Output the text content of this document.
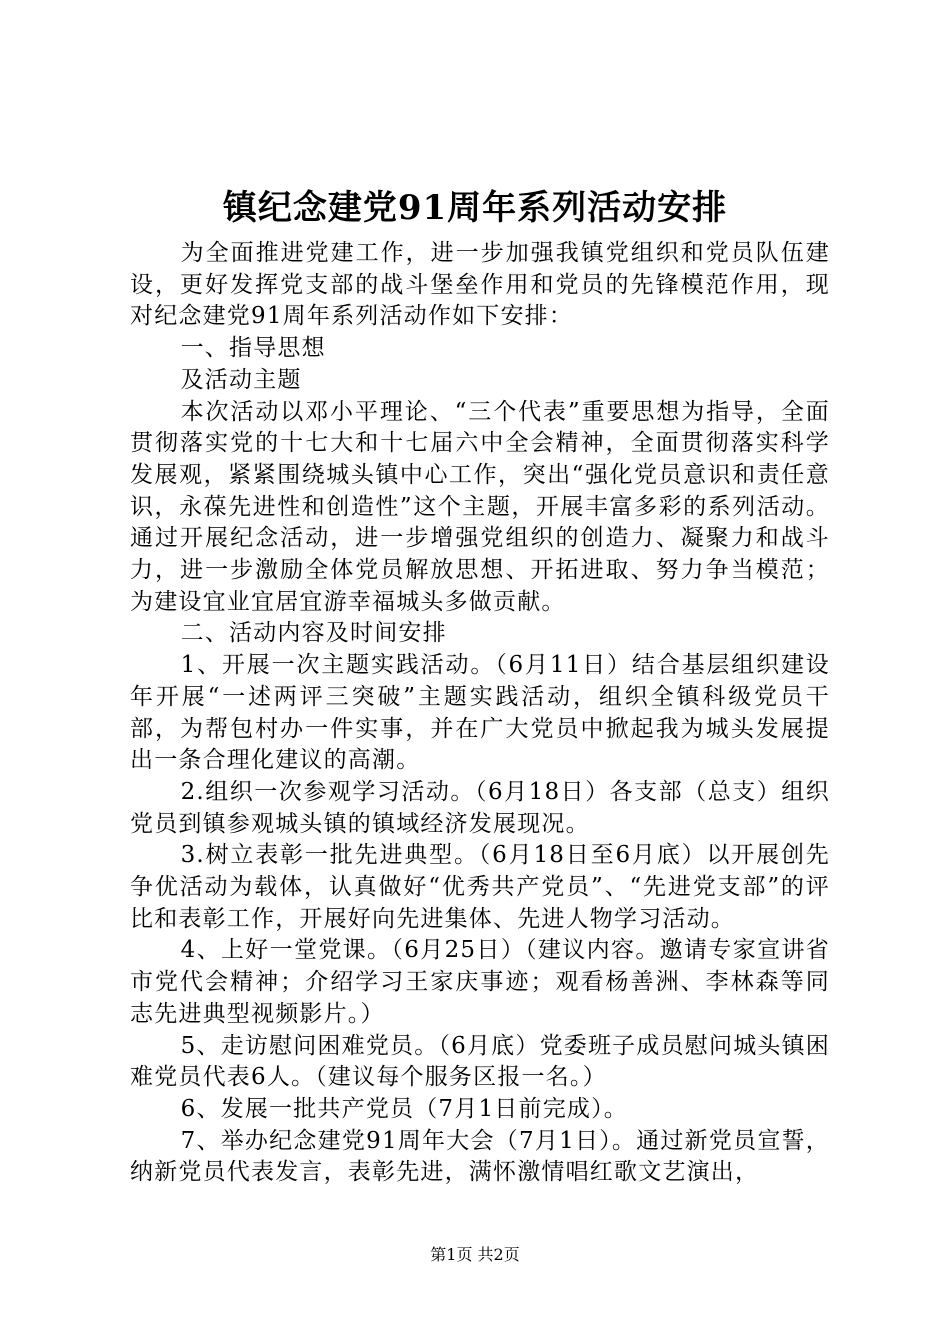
镇纪念建党91周年系列活动安排

为全面推进党建工作，进一步加强我镇党组织和党员队伍建设，更好发挥党支部的战斗堡垒作用和党员的先锋模范作用，现对纪念建党91周年系列活动作如下安排：

一、指导思想

及活动主题

本次活动以邓小平理论、“三个代表”重要思想为指导，全面贯彻落实党的十七大和十七届六中全会精神，全面贯彻落实科学发展观，紧紧围绕城头镇中心工作，突出“强化党员意识和责任意识，永葆先进性和创造性”这个主题，开展丰富多彩的系列活动。通过开展纪念活动，进一步增强党组织的创造力、凝聚力和战斗力，进一步激励全体党员解放思想、开拓进取、努力争当模范；为建设宜业宜居宜游幸福城头多做贡献。

二、活动内容及时间安排

1、开展一次主题实践活动。（6月11日）结合基层组织建设年开展“一述两评三突破”主题实践活动，组织全镇科级党员干部，为帮包村办一件实事，并在广大党员中掀起我为城头发展提出一条合理化建议的高潮。

2.组织一次参观学习活动。（6月18日）各支部（总支）组织党员到镇参观城头镇的镇域经济发展现况。

3.树立表彰一批先进典型。（6月18日至6月底）以开展创先争优活动为载体，认真做好“优秀共产党员”、“先进党支部”的评比和表彰工作，开展好向先进集体、先进人物学习活动。

4、上好一堂党课。（6月25日）（建议内容。邀请专家宣讲省市党代会精神；介绍学习王家庆事迹；观看杨善洲、李林森等同志先进典型视频影片。）

5、走访慰问困难党员。（6月底）党委班子成员慰问城头镇困难党员代表6人。（建议每个服务区报一名。）

6、发展一批共产党员（7月1日前完成）。

7、举办纪念建党91周年大会（7月1日）。通过新党员宣誓，纳新党员代表发言，表彰先进，满怀激情唱红歌文艺演出，

第1页 共2页
